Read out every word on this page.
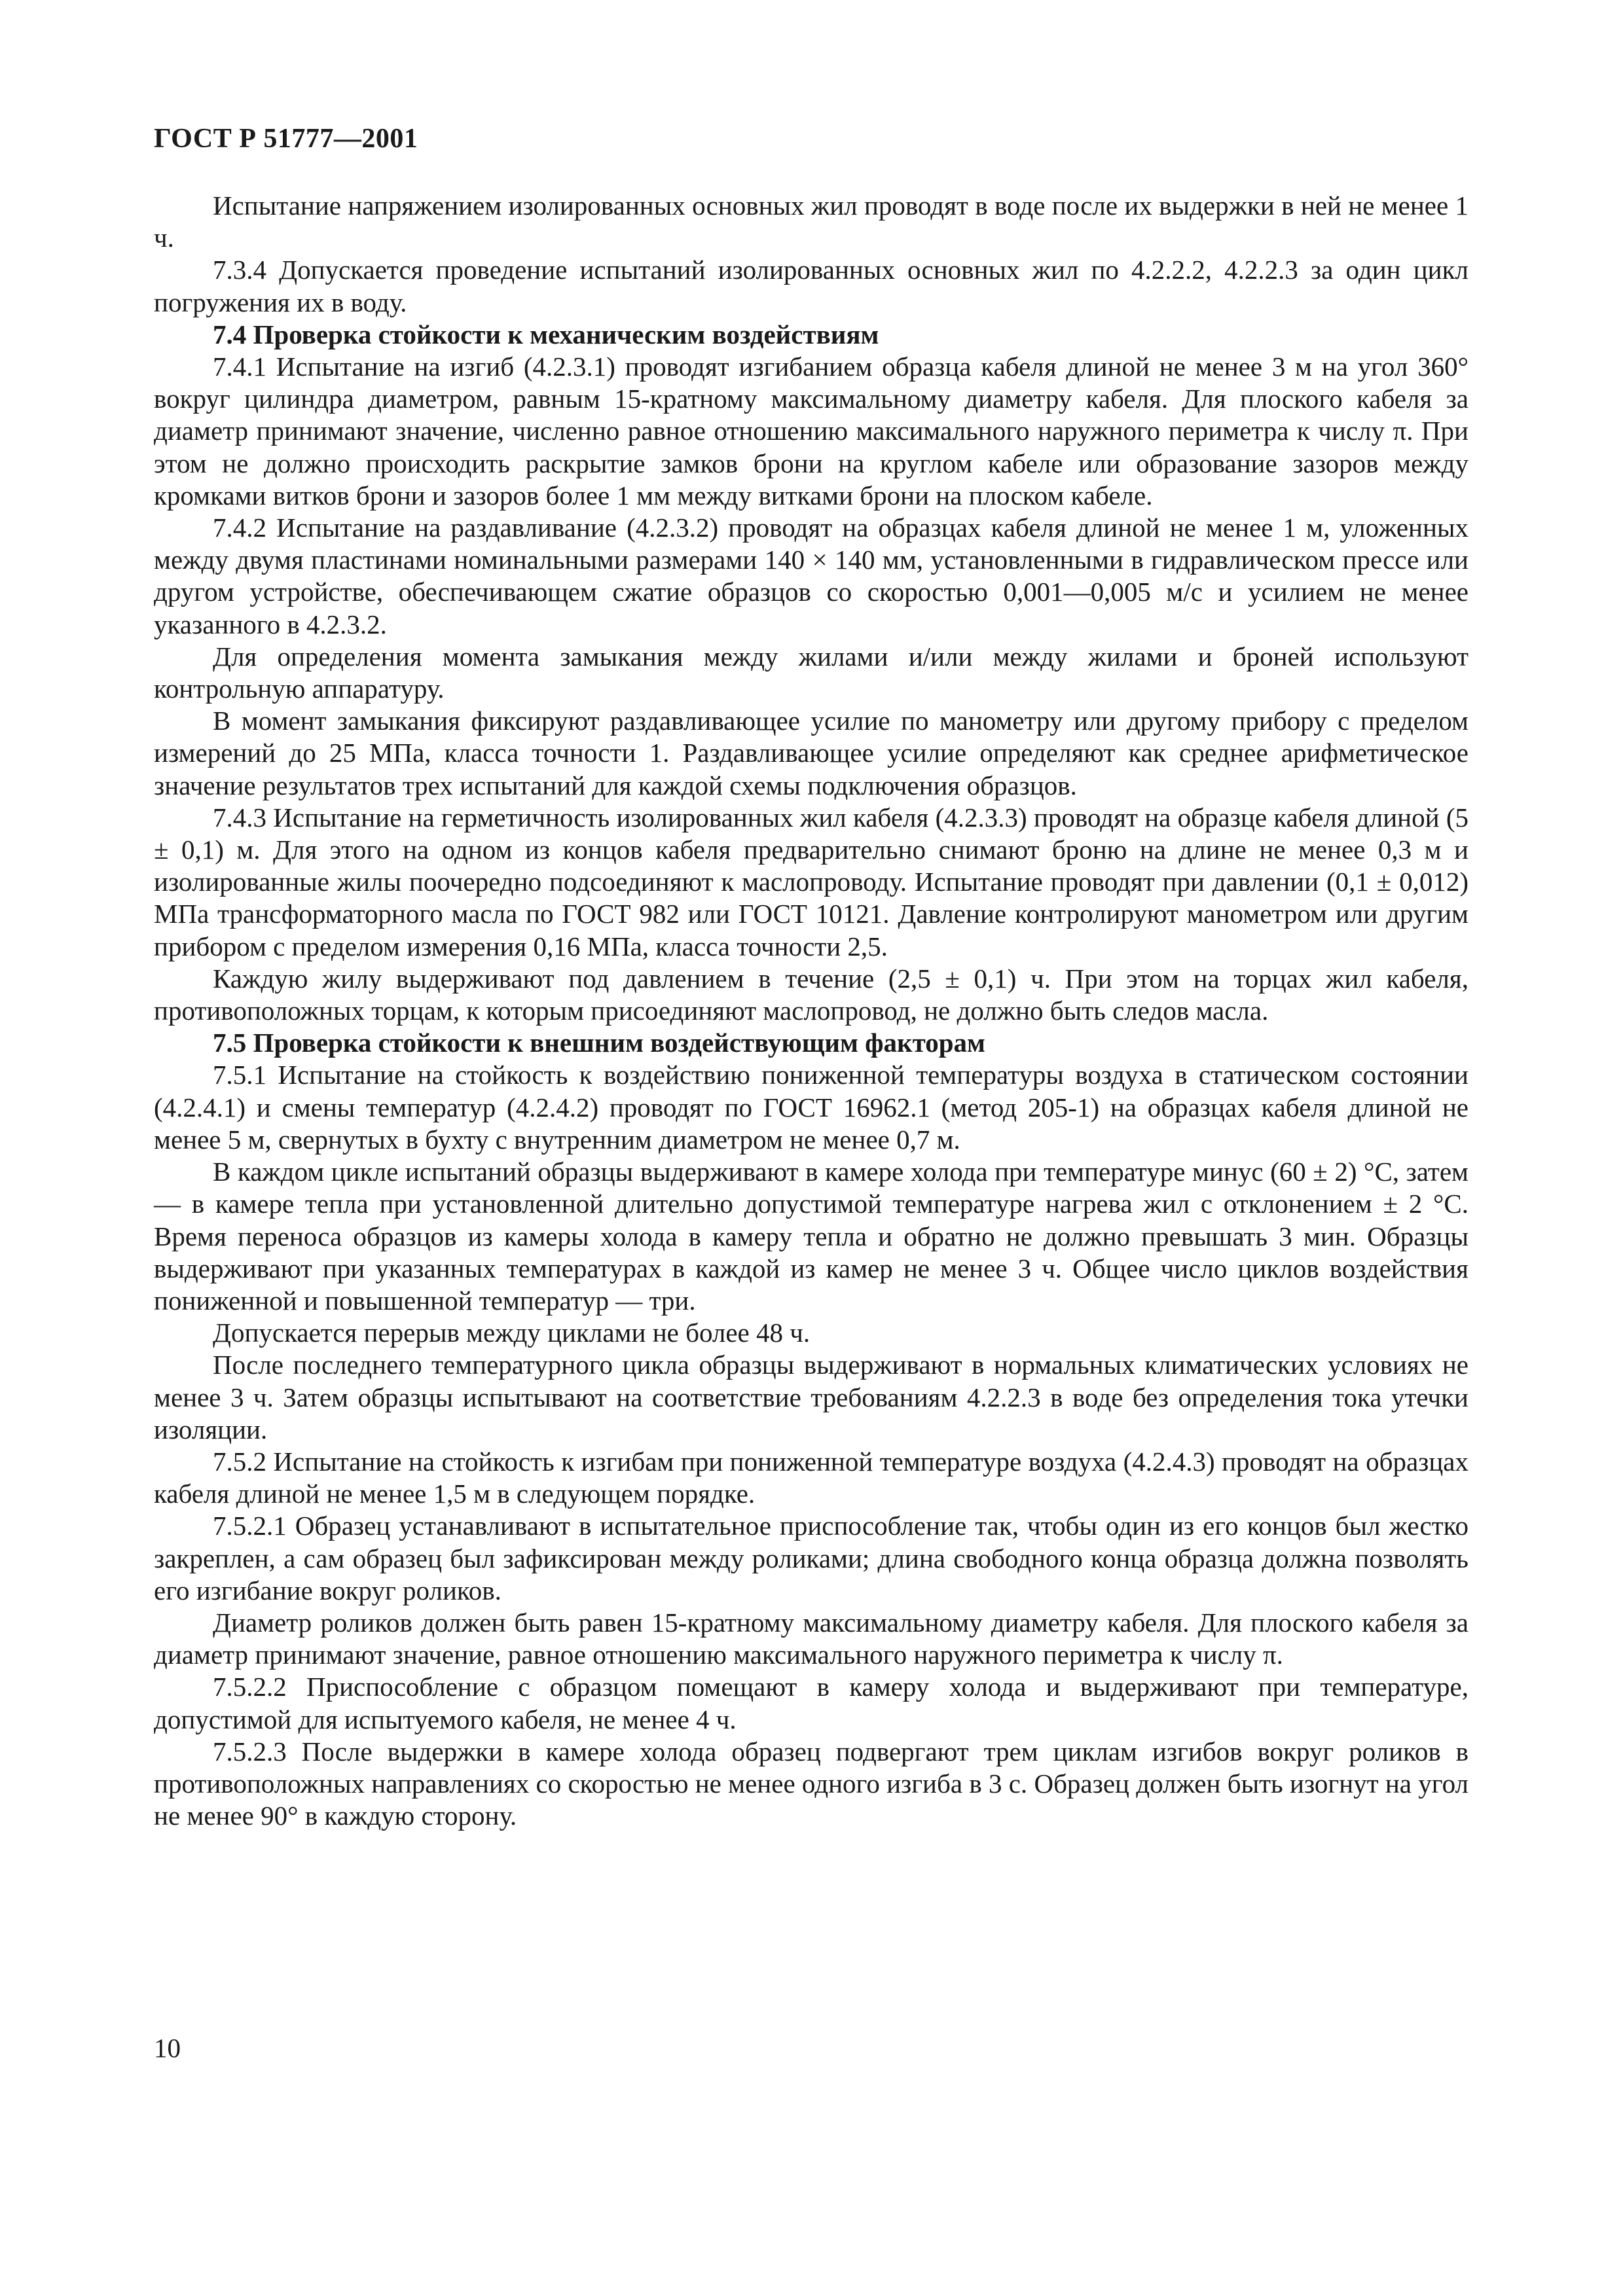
ГОСТ Р 51777—2001

Испытание напряжением изолированных основных жил проводят в воде после их выдержки в ней не менее 1 ч.

7.3.4 Допускается проведение испытаний изолированных основных жил по 4.2.2.2, 4.2.2.3 за один цикл погружения их в воду.

7.4 Проверка стойкости к механическим воздействиям

7.4.1 Испытание на изгиб (4.2.3.1) проводят изгибанием образца кабеля длиной не менее 3 м на угол 360° вокруг цилиндра диаметром, равным 15-кратному максимальному диаметру кабеля. Для плоского кабеля за диаметр принимают значение, численно равное отношению максимального наружного периметра к числу π. При этом не должно происходить раскрытие замков брони на круглом кабеле или образование зазоров между кромками витков брони и зазоров более 1 мм между витками брони на плоском кабеле.

7.4.2 Испытание на раздавливание (4.2.3.2) проводят на образцах кабеля длиной не менее 1 м, уложенных между двумя пластинами номинальными размерами 140 × 140 мм, установленными в гидравлическом прессе или другом устройстве, обеспечивающем сжатие образцов со скоростью 0,001—0,005 м/с и усилием не менее указанного в 4.2.3.2.

Для определения момента замыкания между жилами и/или между жилами и броней используют контрольную аппаратуру.

В момент замыкания фиксируют раздавливающее усилие по манометру или другому прибору с пределом измерений до 25 МПа, класса точности 1. Раздавливающее усилие определяют как среднее арифметическое значение результатов трех испытаний для каждой схемы подключения образцов.

7.4.3 Испытание на герметичность изолированных жил кабеля (4.2.3.3) проводят на образце кабеля длиной (5 ± 0,1) м. Для этого на одном из концов кабеля предварительно снимают броню на длине не менее 0,3 м и изолированные жилы поочередно подсоединяют к маслопроводу. Испытание проводят при давлении (0,1 ± 0,012) МПа трансформаторного масла по ГОСТ 982 или ГОСТ 10121. Давление контролируют манометром или другим прибором с пределом измерения 0,16 МПа, класса точности 2,5.

Каждую жилу выдерживают под давлением в течение (2,5 ± 0,1) ч. При этом на торцах жил кабеля, противоположных торцам, к которым присоединяют маслопровод, не должно быть следов масла.

7.5 Проверка стойкости к внешним воздействующим факторам

7.5.1 Испытание на стойкость к воздействию пониженной температуры воздуха в статическом состоянии (4.2.4.1) и смены температур (4.2.4.2) проводят по ГОСТ 16962.1 (метод 205-1) на образцах кабеля длиной не менее 5 м, свернутых в бухту с внутренним диаметром не менее 0,7 м.

В каждом цикле испытаний образцы выдерживают в камере холода при температуре минус (60 ± 2) °С, затем — в камере тепла при установленной длительно допустимой температуре нагрева жил с отклонением ± 2 °С. Время переноса образцов из камеры холода в камеру тепла и обратно не должно превышать 3 мин. Образцы выдерживают при указанных температурах в каждой из камер не менее 3 ч. Общее число циклов воздействия пониженной и повышенной температур — три.

Допускается перерыв между циклами не более 48 ч.

После последнего температурного цикла образцы выдерживают в нормальных климатических условиях не менее 3 ч. Затем образцы испытывают на соответствие требованиям 4.2.2.3 в воде без определения тока утечки изоляции.

7.5.2 Испытание на стойкость к изгибам при пониженной температуре воздуха (4.2.4.3) проводят на образцах кабеля длиной не менее 1,5 м в следующем порядке.

7.5.2.1 Образец устанавливают в испытательное приспособление так, чтобы один из его концов был жестко закреплен, а сам образец был зафиксирован между роликами; длина свободного конца образца должна позволять его изгибание вокруг роликов.

Диаметр роликов должен быть равен 15-кратному максимальному диаметру кабеля. Для плоского кабеля за диаметр принимают значение, равное отношению максимального наружного периметра к числу π.

7.5.2.2 Приспособление с образцом помещают в камеру холода и выдерживают при температуре, допустимой для испытуемого кабеля, не менее 4 ч.

7.5.2.3 После выдержки в камере холода образец подвергают трем циклам изгибов вокруг роликов в противоположных направлениях со скоростью не менее одного изгиба в 3 с. Образец должен быть изогнут на угол не менее 90° в каждую сторону.

10
